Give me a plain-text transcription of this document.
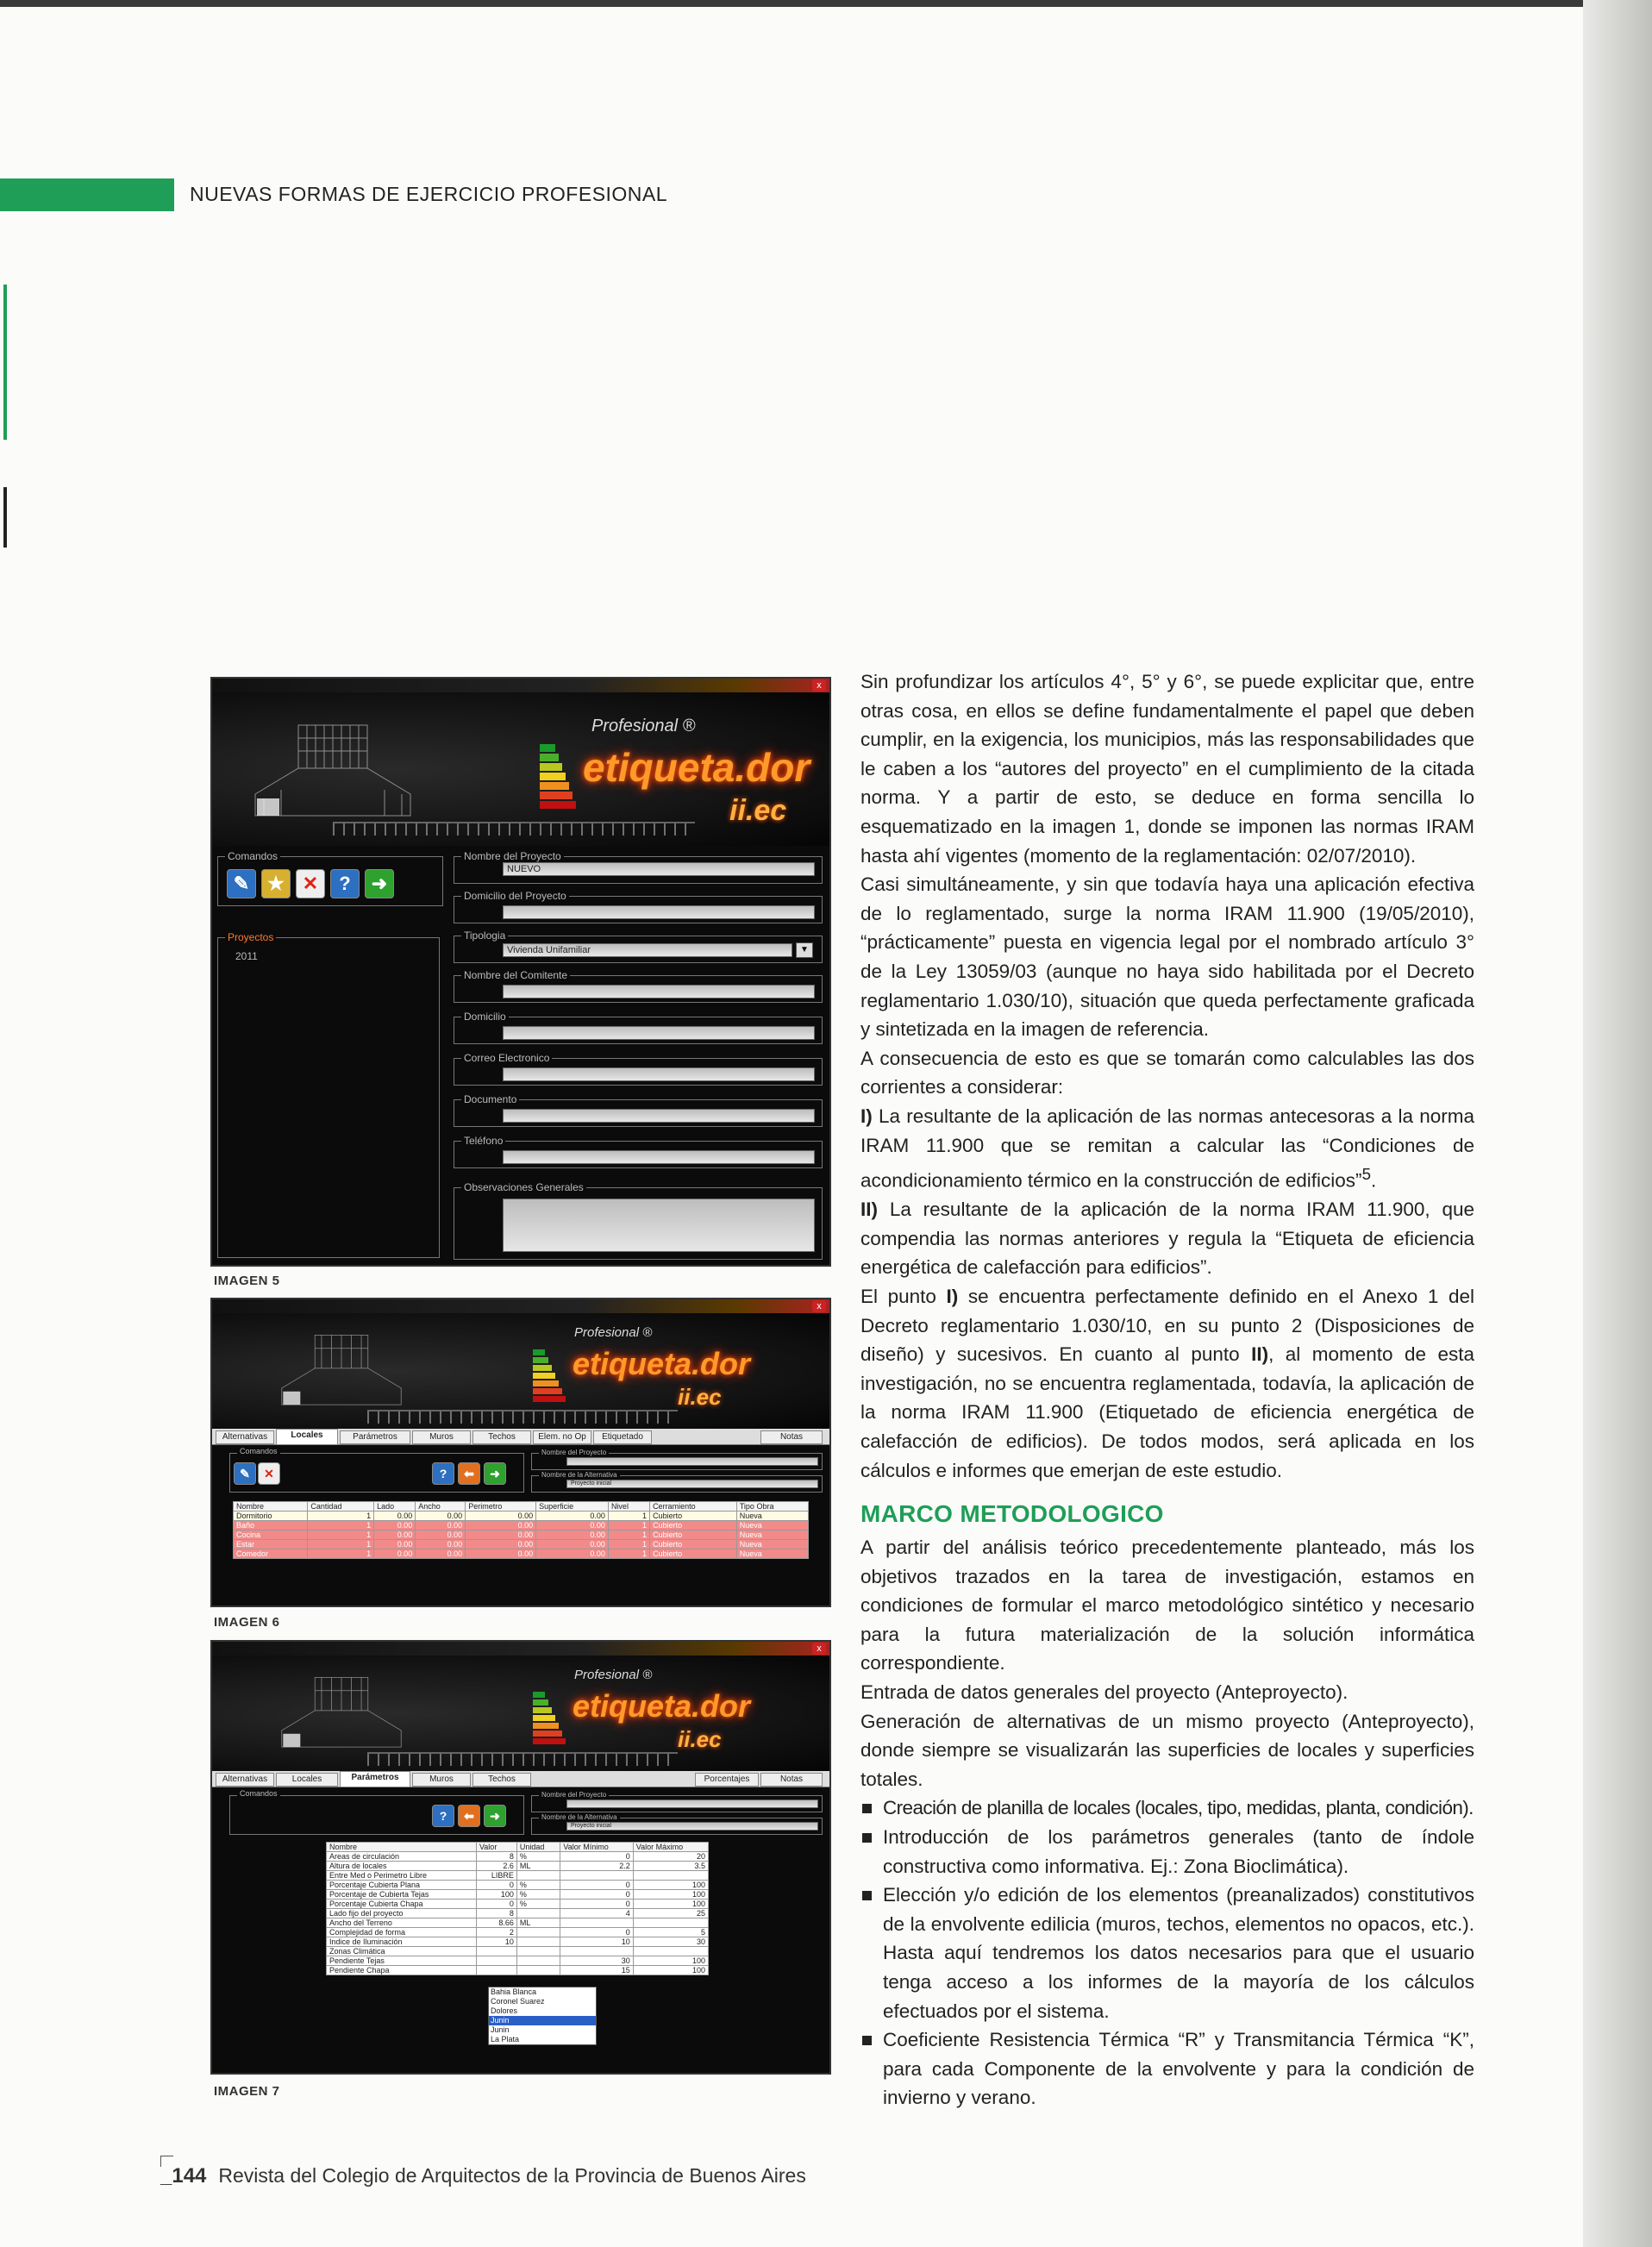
NUEVAS FORMAS DE EJERCICIO PROFESIONAL
x
Profesional ®
etiqueta.dor
ii.ec
Comandos
✎ ★ ✕	?	➜
Proyectos
2011
Nombre del Proyecto
NUEVO
Domicilio del Proyecto
Tipologia
Vivienda Unifamiliar	▼
Nombre del Comitente
Domicilio
Correo Electronico
Documento
Teléfono
Observaciones Generales
IMAGEN 5
x
Profesional ®
etiqueta.dor
ii.ec
Alternativas	Locales	Parámetros	Muros	Techos	Elem. no Op	Etiquetado	Notas
Comandos
✎	✕	?	⬅	➜
Nombre del Proyecto
Nombre de la Alternativa
Proyecto inicial
Nombre	Cantidad	Lado	Ancho	Perimetro	Superficie	Nivel	Cerramiento	Tipo Obra
Dormitorio	1	0.00	0.00	0.00	0.00	1	Cubierto	Nueva
Baño	1	0.00	0.00	0.00	0.00	1	Cubierto	Nueva
Cocina	1	0.00	0.00	0.00	0.00	1	Cubierto	Nueva
Estar	1	0.00	0.00	0.00	0.00	1	Cubierto	Nueva
Comedor	1	0.00	0.00	0.00	0.00	1	Cubierto	Nueva
IMAGEN 6
x
Profesional ®
etiqueta.dor
ii.ec
Alternativas	Locales	Parámetros	Muros	Techos	Porcentajes	Notas
Comandos
?	⬅	➜
Nombre del Proyecto
Nombre de la Alternativa
Proyecto inicial
Nombre	Valor	Unidad	Valor Mínimo	Valor Máximo
Areas de circulación	8	%	0	20
Altura de locales	2.6	ML	2.2	3.5
Entre Med o Perimetro Libre	LIBRE			
Porcentaje Cubierta Plana	0	%	0	100
Porcentaje de Cubierta Tejas	100	%	0	100
Porcentaje Cubierta Chapa	0	%	0	100
Lado fijo del proyecto	8		4	25
Ancho del Terreno	8.66	ML		
Complejidad de forma	2		0	5
Indice de Iluminación	10		10	30
Zonas Climática				
Pendiente Tejas			30	100
Pendiente Chapa			15	100
Bahia Blanca
Coronel Suarez
Dolores
Junin
Junin
La Plata
IMAGEN 7

Sin profundizar los artículos 4°, 5° y 6°, se puede explicitar que, entre otras cosa, en ellos se define fundamentalmente el papel que deben cumplir, en la exigencia, los municipios, más las responsabilidades que le caben a los “autores del proyecto” en el cumplimiento de la citada norma. Y a partir de esto, se deduce en forma sencilla lo esquematizado en la imagen 1, donde se imponen las normas IRAM hasta ahí vigentes (momento de la reglamentación: 02/07/2010).

Casi simultáneamente, y sin que todavía haya una aplicación efectiva de lo reglamentado, surge la norma IRAM 11.900 (19/05/2010), “prácticamente” puesta en vigencia legal por el nombrado artículo 3° de la Ley 13059/03 (aunque no haya sido habilitada por el Decreto reglamentario 1.030/10), situación que queda perfectamente graficada y sintetizada en la imagen de referencia.

A consecuencia de esto es que se tomarán como calculables las dos corrientes a considerar:

I) La resultante de la aplicación de las normas antecesoras a la norma IRAM 11.900 que se remitan a calcular las “Condiciones de acondicionamiento térmico en la construcción de edificios”$^5$.

II) La resultante de la aplicación de la norma IRAM 11.900, que compendia las normas anteriores y regula la “Etiqueta de eficiencia energética de calefacción para edificios”.

El punto I) se encuentra perfectamente definido en el Anexo 1 del Decreto reglamentario 1.030/10, en su punto 2 (Disposiciones de diseño) y sucesivos. En cuanto al punto II), al momento de esta investigación, no se encuentra reglamentada, todavía, la aplicación de la norma IRAM 11.900 (Etiquetado de eficiencia energética de calefacción de edificios). De todos modos, será aplicada en los cálculos e informes que emerjan de este estudio.

MARCO METODOLOGICO

A partir del análisis teórico precedentemente planteado, más los objetivos trazados en la tarea de investigación, estamos en condiciones de formular el marco metodológico sintético y necesario para la futura materialización de la solución informática correspondiente.

Entrada de datos generales del proyecto (Anteproyecto).

Generación de alternativas de un mismo proyecto (Anteproyecto), donde siempre se visualizarán las superficies de locales y superficies totales.

Creación de planilla de locales (locales, tipo, medidas, planta, condición).
Introducción de los parámetros generales (tanto de índole constructiva como informativa. Ej.: Zona Bioclimática).
Elección y/o edición de los elementos (preanalizados) constitutivos de la envolvente edilicia (muros, techos, elementos no opacos, etc.). Hasta aquí tendremos los datos necesarios para que el usuario tenga acceso a los informes de la mayoría de los cálculos efectuados por el sistema.
Coeficiente Resistencia Térmica “R” y Transmitancia Térmica “K”, para cada Componente de la envolvente y para la condición de invierno y verano.
_144 Revista del Colegio de Arquitectos de la Provincia de Buenos Aires
